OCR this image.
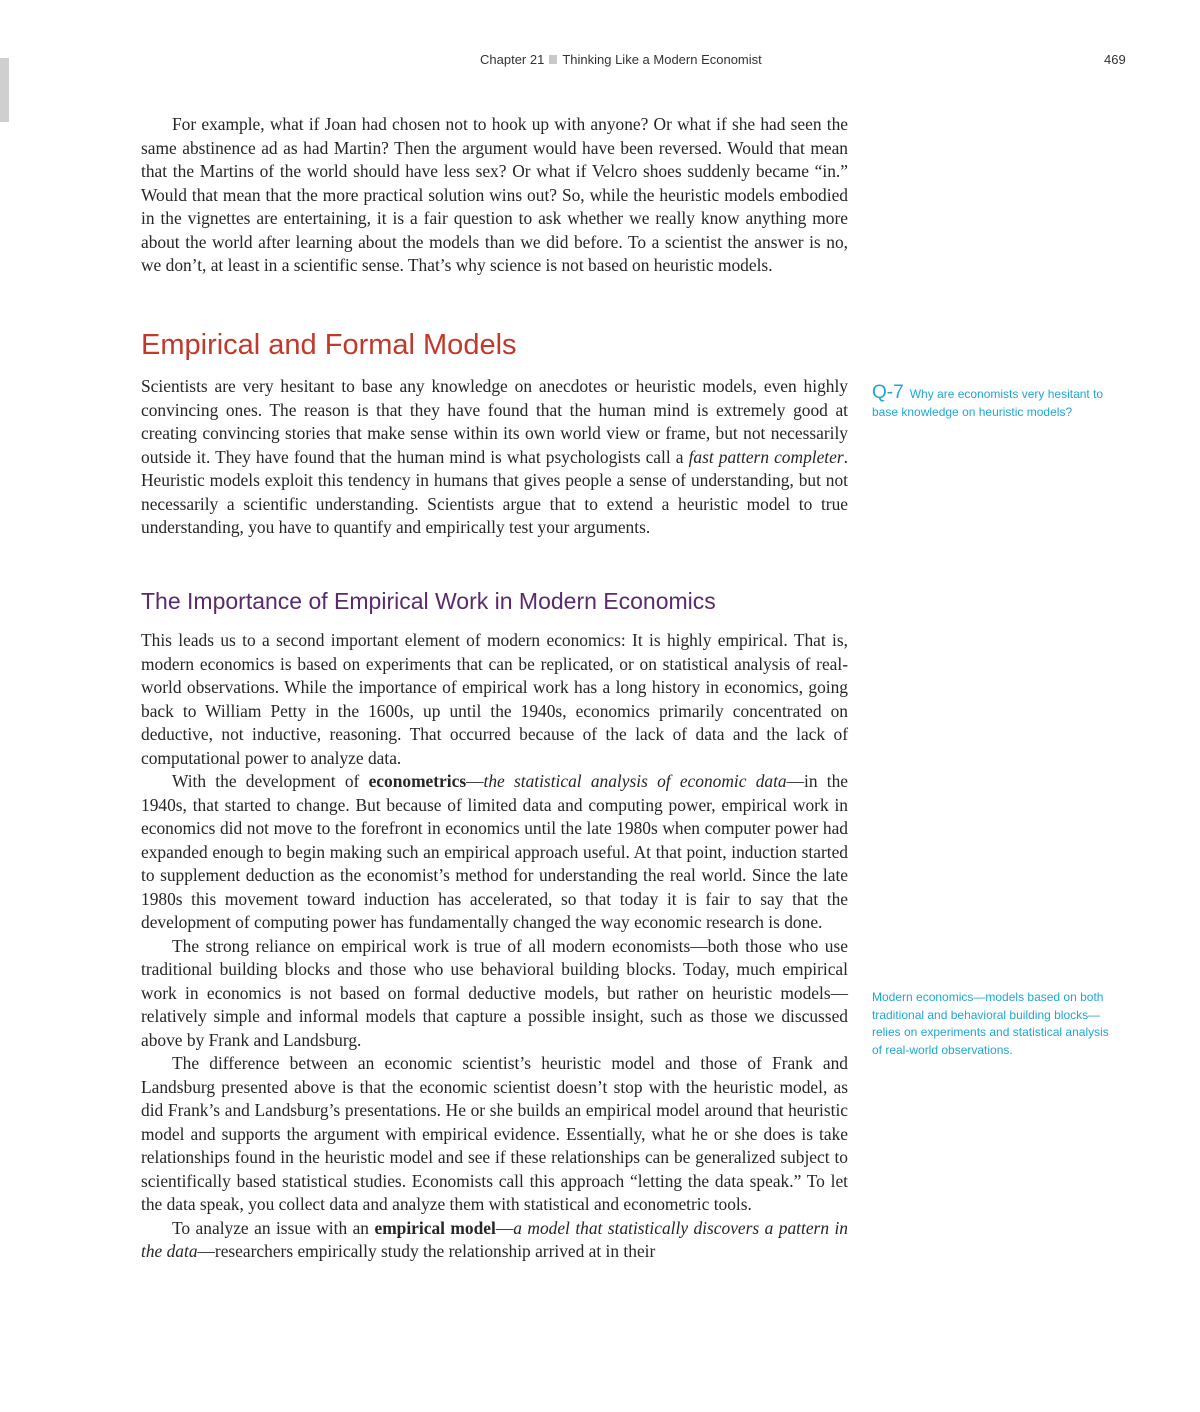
Chapter 21 Thinking Like a Modern Economist	469

For example, what if Joan had chosen not to hook up with anyone? Or what if she had seen the same abstinence ad as had Martin? Then the argument would have been reversed. Would that mean that the Martins of the world should have less sex? Or what if Velcro shoes suddenly became “in.” Would that mean that the more practical solution wins out? So, while the heuristic models embodied in the vignettes are entertaining, it is a fair question to ask whether we really know anything more about the world after learning about the models than we did before. To a scientist the answer is no, we don’t, at least in a scientific sense. That’s why science is not based on heuristic models.

Empirical and Formal Models

Scientists are very hesitant to base any knowledge on anecdotes or heuristic models, even highly convincing ones. The reason is that they have found that the human mind is extremely good at creating convincing stories that make sense within its own world view or frame, but not necessarily outside it. They have found that the human mind is what psychologists call a fast pattern completer. Heuristic models exploit this tendency in humans that gives people a sense of understanding, but not necessarily a scientific understanding. Scientists argue that to extend a heuristic model to true understanding, you have to quantify and empirically test your arguments.

The Importance of Empirical Work in Modern Economics

This leads us to a second important element of modern economics: It is highly empirical. That is, modern economics is based on experiments that can be replicated, or on statistical analysis of real-world observations. While the importance of empirical work has a long history in economics, going back to William Petty in the 1600s, up until the 1940s, economics primarily concentrated on deductive, not inductive, reasoning. That occurred because of the lack of data and the lack of computational power to analyze data.

With the development of econometrics—the statistical analysis of economic data—in the 1940s, that started to change. But because of limited data and computing power, empirical work in economics did not move to the forefront in economics until the late 1980s when computer power had expanded enough to begin making such an empirical approach useful. At that point, induction started to supplement deduction as the economist’s method for understanding the real world. Since the late 1980s this movement toward induction has accelerated, so that today it is fair to say that the development of computing power has fundamentally changed the way economic research is done.

The strong reliance on empirical work is true of all modern economists—both those who use traditional building blocks and those who use behavioral building blocks. Today, much empirical work in economics is not based on formal deductive models, but rather on heuristic models—relatively simple and informal models that capture a possible insight, such as those we discussed above by Frank and Landsburg.

The difference between an economic scientist’s heuristic model and those of Frank and Landsburg presented above is that the economic scientist doesn’t stop with the heuristic model, as did Frank’s and Landsburg’s presentations. He or she builds an empirical model around that heuristic model and supports the argument with empirical evidence. Essentially, what he or she does is take relationships found in the heuristic model and see if these relationships can be generalized subject to scientifically based statistical studies. Economists call this approach “letting the data speak.” To let the data speak, you collect data and analyze them with statistical and econometric tools.

To analyze an issue with an empirical model—a model that statistically discovers a pattern in the data—researchers empirically study the relationship arrived at in their

Q-7 Why are economists very hesitant to base knowledge on heuristic models?
Modern economics—models based on both traditional and behavioral building blocks—relies on experiments and statistical analysis of real-world observations.
